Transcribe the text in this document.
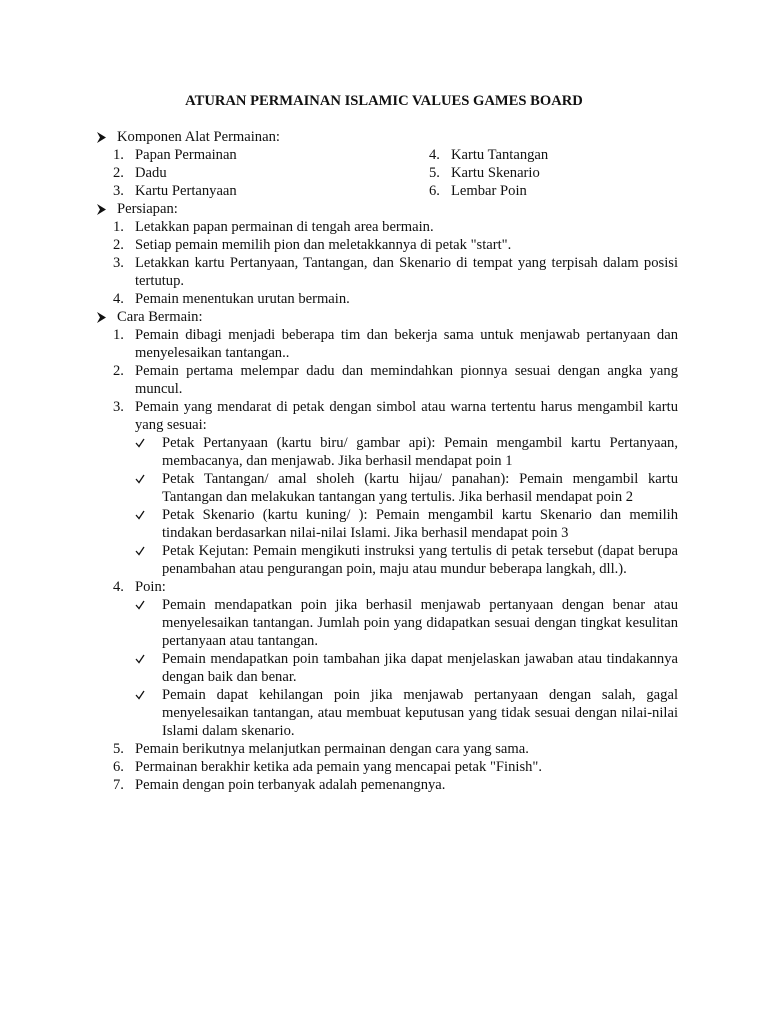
ATURAN PERMAINAN ISLAMIC VALUES GAMES BOARD
Komponen Alat Permainan:
1. Papan Permainan
2. Dadu
3. Kartu Pertanyaan
4. Kartu Tantangan
5. Kartu Skenario
6. Lembar Poin
Persiapan:
1. Letakkan papan permainan di tengah area bermain.
2. Setiap pemain memilih pion dan meletakkannya di petak "start".
3. Letakkan kartu Pertanyaan, Tantangan, dan Skenario di tempat yang terpisah dalam posisi tertutup.
4. Pemain menentukan urutan bermain.
Cara Bermain:
1. Pemain dibagi menjadi beberapa tim dan bekerja sama untuk menjawab pertanyaan dan menyelesaikan tantangan..
2. Pemain pertama melempar dadu dan memindahkan pionnya sesuai dengan angka yang muncul.
3. Pemain yang mendarat di petak dengan simbol atau warna tertentu harus mengambil kartu yang sesuai:
Petak Pertanyaan (kartu biru/ gambar api): Pemain mengambil kartu Pertanyaan, membacanya, dan menjawab. Jika berhasil mendapat poin 1
Petak Tantangan/ amal sholeh (kartu hijau/ panahan): Pemain mengambil kartu Tantangan dan melakukan tantangan yang tertulis. Jika berhasil mendapat poin 2
Petak Skenario (kartu kuning/ ): Pemain mengambil kartu Skenario dan memilih tindakan berdasarkan nilai-nilai Islami. Jika berhasil mendapat poin 3
Petak Kejutan: Pemain mengikuti instruksi yang tertulis di petak tersebut (dapat berupa penambahan atau pengurangan poin, maju atau mundur beberapa langkah, dll.).
4. Poin:
Pemain mendapatkan poin jika berhasil menjawab pertanyaan dengan benar atau menyelesaikan tantangan. Jumlah poin yang didapatkan sesuai dengan tingkat kesulitan pertanyaan atau tantangan.
Pemain mendapatkan poin tambahan jika dapat menjelaskan jawaban atau tindakannya dengan baik dan benar.
Pemain dapat kehilangan poin jika menjawab pertanyaan dengan salah, gagal menyelesaikan tantangan, atau membuat keputusan yang tidak sesuai dengan nilai-nilai Islami dalam skenario.
5. Pemain berikutnya melanjutkan permainan dengan cara yang sama.
6. Permainan berakhir ketika ada pemain yang mencapai petak "Finish".
7. Pemain dengan poin terbanyak adalah pemenangnya.
